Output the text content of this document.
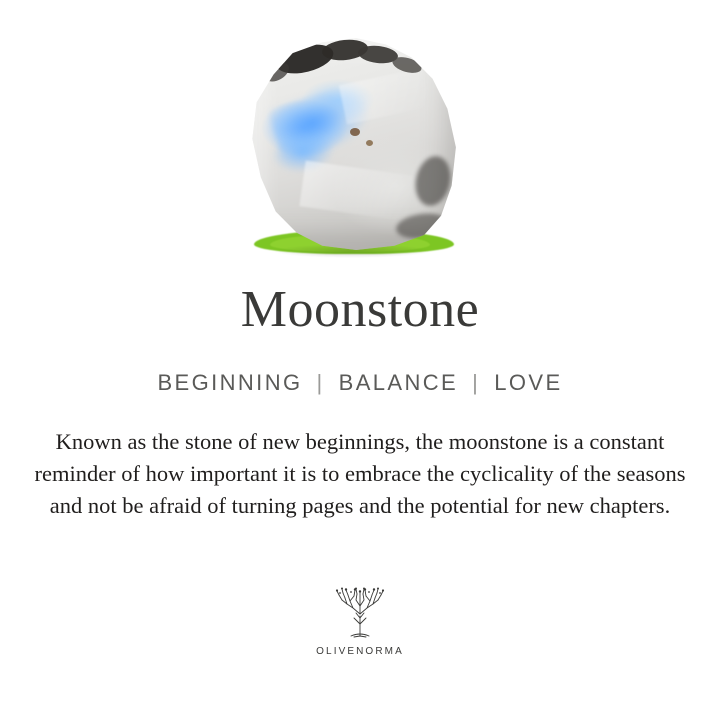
Moonstone
BEGINNING | BALANCE | LOVE

Known as the stone of new beginnings, the moonstone is a constant reminder of how important it is to embrace the cyclicality of the seasons and not be afraid of turning pages and the potential for new chapters.

OLIVENORMA
